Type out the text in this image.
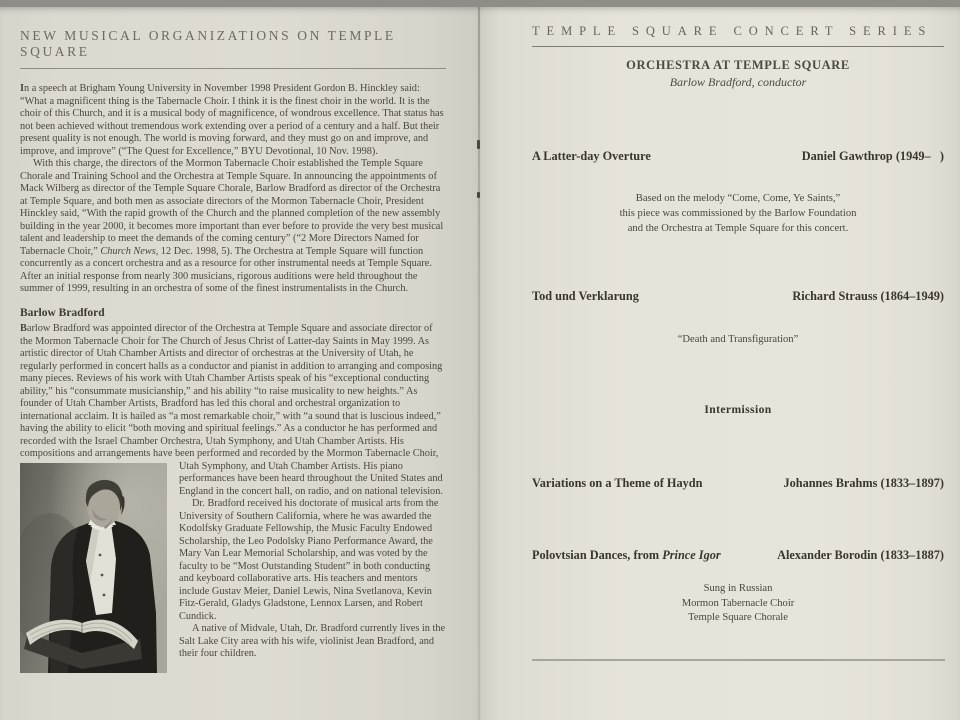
NEW MUSICAL ORGANIZATIONS ON TEMPLE SQUARE

In a speech at Brigham Young University in November 1998 President Gordon B. Hinckley said: “What a magnificent thing is the Tabernacle Choir. I think it is the finest choir in the world. It is the choir of this Church, and it is a musical body of magnificence, of wondrous excellence. That status has not been achieved without tremendous work extending over a period of a century and a half. But their present quality is not enough. The world is moving forward, and they must go on and improve, and improve, and improve” (“The Quest for Excellence,” BYU Devotional, 10 Nov. 1998).

With this charge, the directors of the Mormon Tabernacle Choir established the Temple Square Chorale and Training School and the Orchestra at Temple Square. In announcing the appointments of Mack Wilberg as director of the Temple Square Chorale, Barlow Bradford as director of the Orchestra at Temple Square, and both men as associate directors of the Mormon Tabernacle Choir, President Hinckley said, “With the rapid growth of the Church and the planned completion of the new assembly building in the year 2000, it becomes more important than ever before to provide the very best musical talent and leadership to meet the demands of the coming century” (“2 More Directors Named for Tabernacle Choir,” Church News, 12 Dec. 1998, 5). The Orchestra at Temple Square will function concurrently as a concert orchestra and as a resource for other instrumental needs at Temple Square. After an initial response from nearly 300 musicians, rigorous auditions were held throughout the summer of 1999, resulting in an orchestra of some of the finest instrumentalists in the Church.

Barlow Bradford

Barlow Bradford was appointed director of the Orchestra at Temple Square and associate director of the Mormon Tabernacle Choir for The Church of Jesus Christ of Latter-day Saints in May 1999. As artistic director of Utah Chamber Artists and director of orchestras at the University of Utah, he regularly performed in concert halls as a conductor and pianist in addition to arranging and composing many pieces. Reviews of his work with Utah Chamber Artists speak of his “exceptional conducting ability,” his “consummate musicianship,” and his ability “to raise musicality to new heights.” As founder of Utah Chamber Artists, Bradford has led this choral and orchestral organization to international acclaim. It is hailed as “a most remarkable choir,” with “a sound that is luscious indeed,” having the ability to elicit “both moving and spiritual feelings.” As a conductor he has performed and recorded with the Israel Chamber Orchestra, Utah Symphony, and Utah Chamber Artists. His compositions and arrangements have been performed and recorded by the Mormon
Tabernacle Choir, Utah Symphony, and Utah Chamber Artists. His piano performances have been heard throughout the United States and England in the concert hall, on radio, and on national television.

Dr. Bradford received his doctorate of musical arts from the University of Southern California, where he was awarded the Kodolfsky Graduate Fellowship, the Music Faculty Endowed Scholarship, the Leo Podolsky Piano Performance Award, the Mary Van Lear Memorial Scholarship, and was voted by the faculty to be “Most Outstanding Student” in both conducting and keyboard collaborative arts. His teachers and mentors include Gustav Meier, Daniel Lewis, Nina Svetlanova, Kevin Fitz-Gerald, Gladys Gladstone, Lennox Larsen, and Robert Cundick.

A native of Midvale, Utah, Dr. Bradford currently lives in the Salt Lake City area with his wife, violinist Jean Bradford, and their four children.

TEMPLE SQUARE CONCERT SERIES
ORCHESTRA AT TEMPLE SQUARE
Barlow Bradford, conductor
A Latter-day Overture	Daniel Gawthrop (1949–   )
Based on the melody “Come, Come, Ye Saints,”
this piece was commissioned by the Barlow Foundation
and the Orchestra at Temple Square for this concert.
Tod und Verklarung	Richard Strauss (1864–1949)
“Death and Transfiguration”
Intermission
Variations on a Theme of Haydn	Johannes Brahms (1833–1897)
Polovtsian Dances, from Prince Igor	Alexander Borodin (1833–1887)
Sung in Russian
Mormon Tabernacle Choir
Temple Square Chorale
